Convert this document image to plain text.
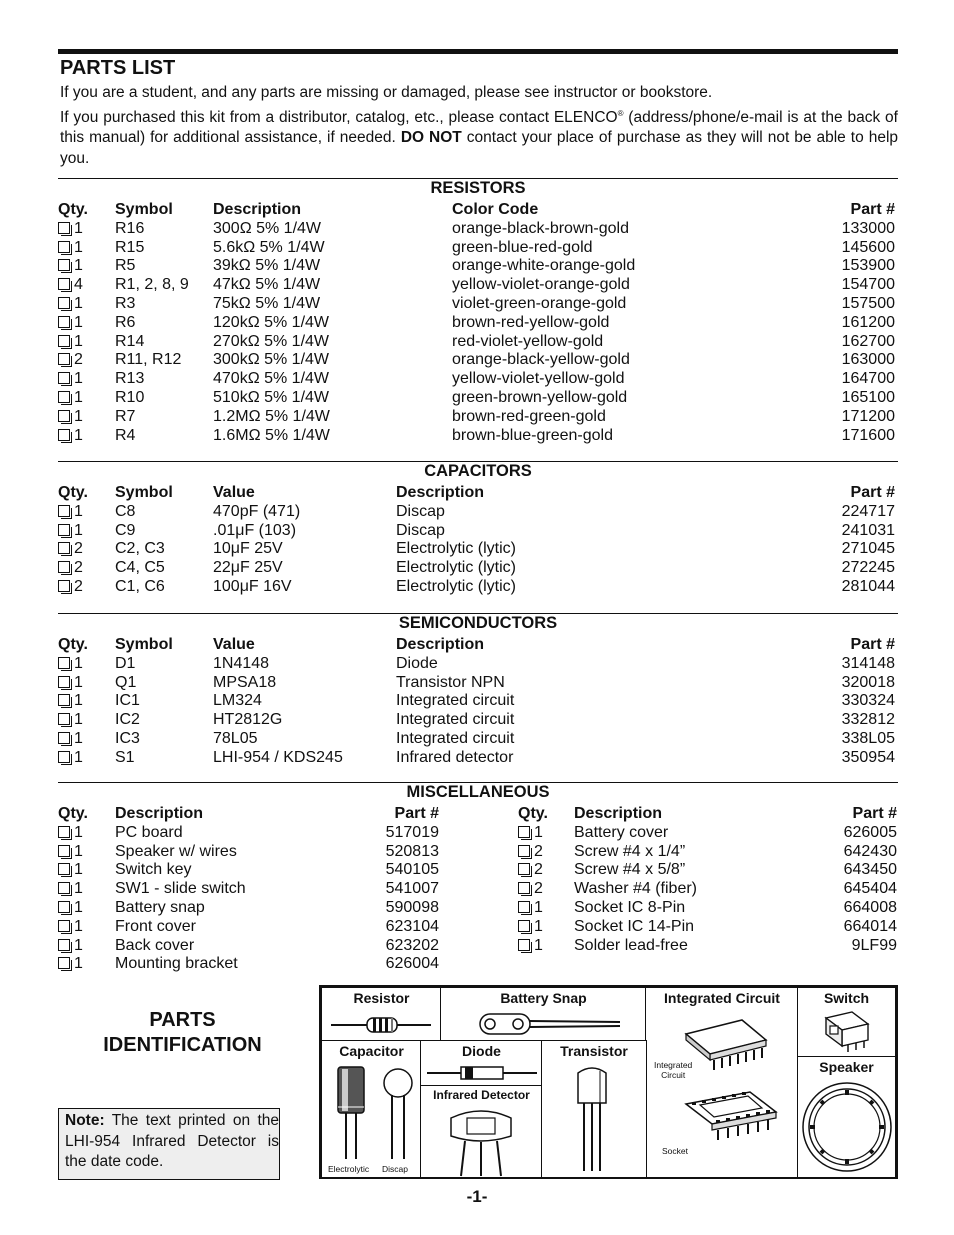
PARTS LIST

If you are a student, and any parts are missing or damaged, please see instructor or bookstore.

If you purchased this kit from a distributor, catalog, etc., please contact ELENCO® (address/phone/e-mail is at the back of this manual) for additional assistance, if needed. DO NOT contact your place of purchase as they will not be able to help you.

RESISTORS
Qty.	Symbol	Description	Color Code	Part #
1	R16	300Ω 5% 1/4W	orange-black-brown-gold	133000
1	R15	5.6kΩ 5% 1/4W	green-blue-red-gold	145600
1	R5	39kΩ 5% 1/4W	orange-white-orange-gold	153900
4	R1, 2, 8, 9	47kΩ 5% 1/4W	yellow-violet-orange-gold	154700
1	R3	75kΩ 5% 1/4W	violet-green-orange-gold	157500
1	R6	120kΩ 5% 1/4W	brown-red-yellow-gold	161200
1	R14	270kΩ 5% 1/4W	red-violet-yellow-gold	162700
2	R11, R12	300kΩ 5% 1/4W	orange-black-yellow-gold	163000
1	R13	470kΩ 5% 1/4W	yellow-violet-yellow-gold	164700
1	R10	510kΩ 5% 1/4W	green-brown-yellow-gold	165100
1	R7	1.2MΩ 5% 1/4W	brown-red-green-gold	171200
1	R4	1.6MΩ 5% 1/4W	brown-blue-green-gold	171600
CAPACITORS
Qty.	Symbol	Value	Description	Part #
1	C8	470pF (471)	Discap	224717
1	C9	.01μF (103)	Discap	241031
2	C2, C3	10μF 25V	Electrolytic (lytic)	271045
2	C4, C5	22μF 25V	Electrolytic (lytic)	272245
2	C1, C6	100μF 16V	Electrolytic (lytic)	281044
SEMICONDUCTORS
Qty.	Symbol	Value	Description	Part #
1	D1	1N4148	Diode	314148
1	Q1	MPSA18	Transistor NPN	320018
1	IC1	LM324	Integrated circuit	330324
1	IC2	HT2812G	Integrated circuit	332812
1	IC3	78L05	Integrated circuit	338L05
1	S1	LHI-954 / KDS245	Infrared detector	350954
MISCELLANEOUS
Qty.	Description	Part #
1	PC board	517019
1	Speaker w/ wires	520813
1	Switch key	540105
1	SW1 - slide switch	541007
1	Battery snap	590098
1	Front cover	623104
1	Back cover	623202
1	Mounting bracket	626004
Qty.	Description	Part #
1	Battery cover	626005
2	Screw #4 x 1/4”	642430
2	Screw #4 x 5/8”	643450
2	Washer #4 (fiber)	645404
1	Socket IC 8-Pin	664008
1	Socket IC 14-Pin	664014
1	Solder lead-free	9LF99
PARTS
IDENTIFICATION
Note: The text printed on the LHI-954 Infrared Detector is the date code.
Resistor	Battery Snap	Integrated Circuit
Integrated
Circuit
Socket
Switch
Speaker
Capacitor
Electrolytic Discap
Diode
Infrared Detector
Transistor
-1-
